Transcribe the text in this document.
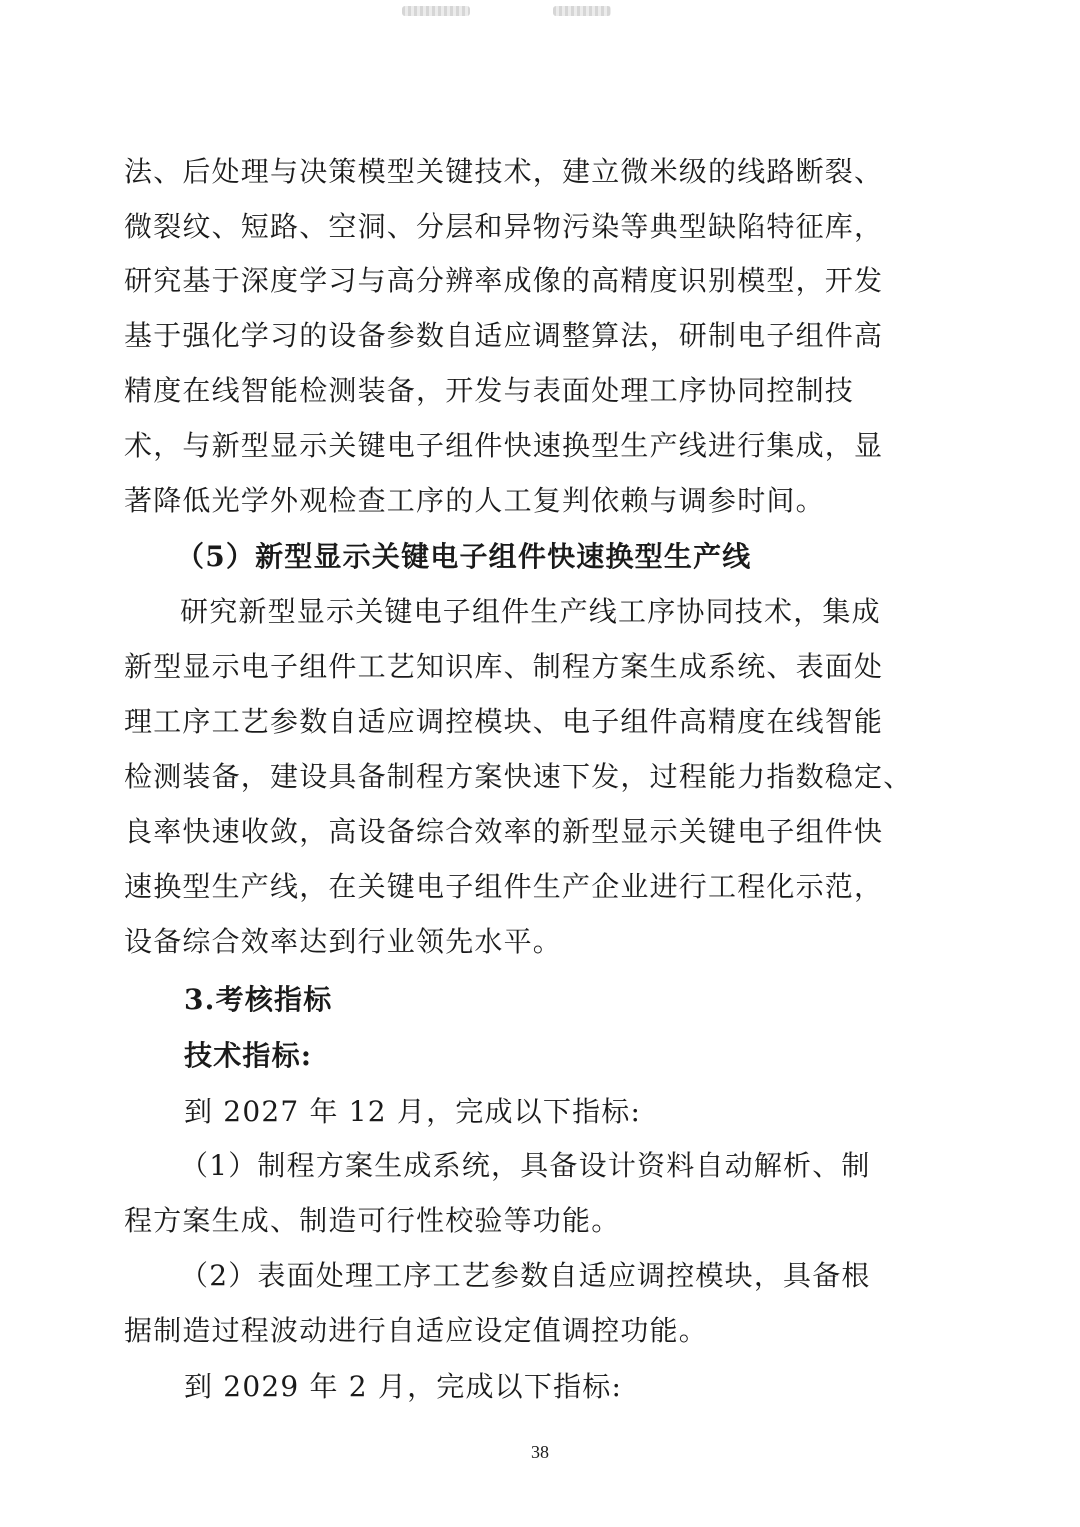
法、后处理与决策模型关键技术，建立微米级的线路断裂、

微裂纹、短路、空洞、分层和异物污染等典型缺陷特征库，

研究基于深度学习与高分辨率成像的高精度识别模型，开发

基于强化学习的设备参数自适应调整算法，研制电子组件高

精度在线智能检测装备，开发与表面处理工序协同控制技

术，与新型显示关键电子组件快速换型生产线进行集成，显

著降低光学外观检查工序的人工复判依赖与调参时间。

（5）新型显示关键电子组件快速换型生产线

研究新型显示关键电子组件生产线工序协同技术，集成

新型显示电子组件工艺知识库、制程方案生成系统、表面处

理工序工艺参数自适应调控模块、电子组件高精度在线智能

检测装备，建设具备制程方案快速下发，过程能力指数稳定、

良率快速收敛，高设备综合效率的新型显示关键电子组件快

速换型生产线，在关键电子组件生产企业进行工程化示范，

设备综合效率达到行业领先水平。

3.考核指标

技术指标:

到 2027 年 12 月，完成以下指标:

（1）制程方案生成系统，具备设计资料自动解析、制

程方案生成、制造可行性校验等功能。

（2）表面处理工序工艺参数自适应调控模块，具备根

据制造过程波动进行自适应设定值调控功能。

到 2029 年 2 月，完成以下指标:

38
